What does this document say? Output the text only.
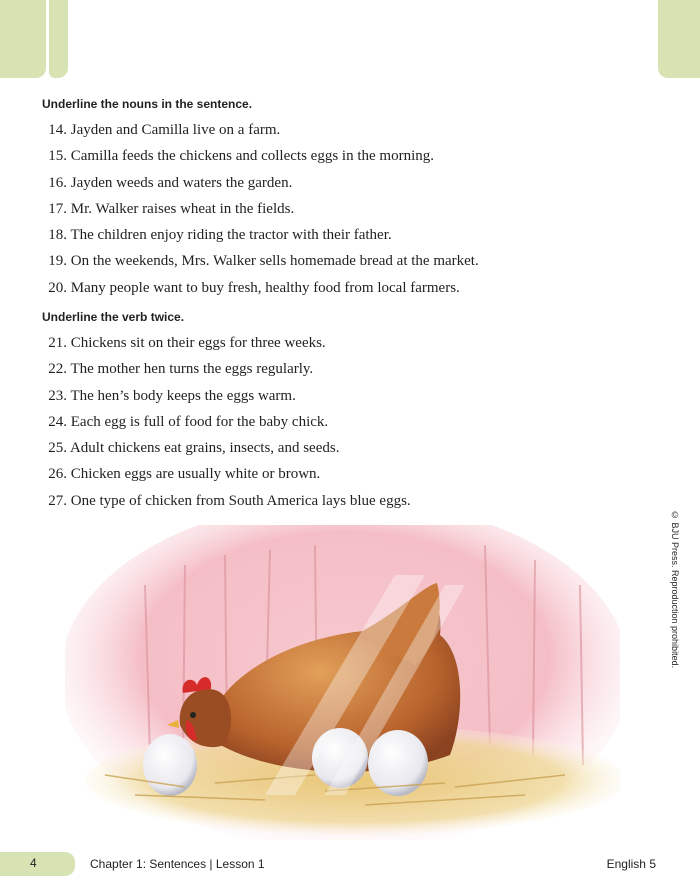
Underline the nouns in the sentence.
14. Jayden and Camilla live on a farm.
15. Camilla feeds the chickens and collects eggs in the morning.
16. Jayden weeds and waters the garden.
17. Mr. Walker raises wheat in the fields.
18. The children enjoy riding the tractor with their father.
19. On the weekends, Mrs. Walker sells homemade bread at the market.
20. Many people want to buy fresh, healthy food from local farmers.
Underline the verb twice.
21. Chickens sit on their eggs for three weeks.
22. The mother hen turns the eggs regularly.
23. The hen’s body keeps the eggs warm.
24. Each egg is full of food for the baby chick.
25. Adult chickens eat grains, insects, and seeds.
26. Chicken eggs are usually white or brown.
27. One type of chicken from South America lays blue eggs.
© BJU Press. Reproduction prohibited.
4	Chapter 1: Sentences | Lesson 1	English 5
